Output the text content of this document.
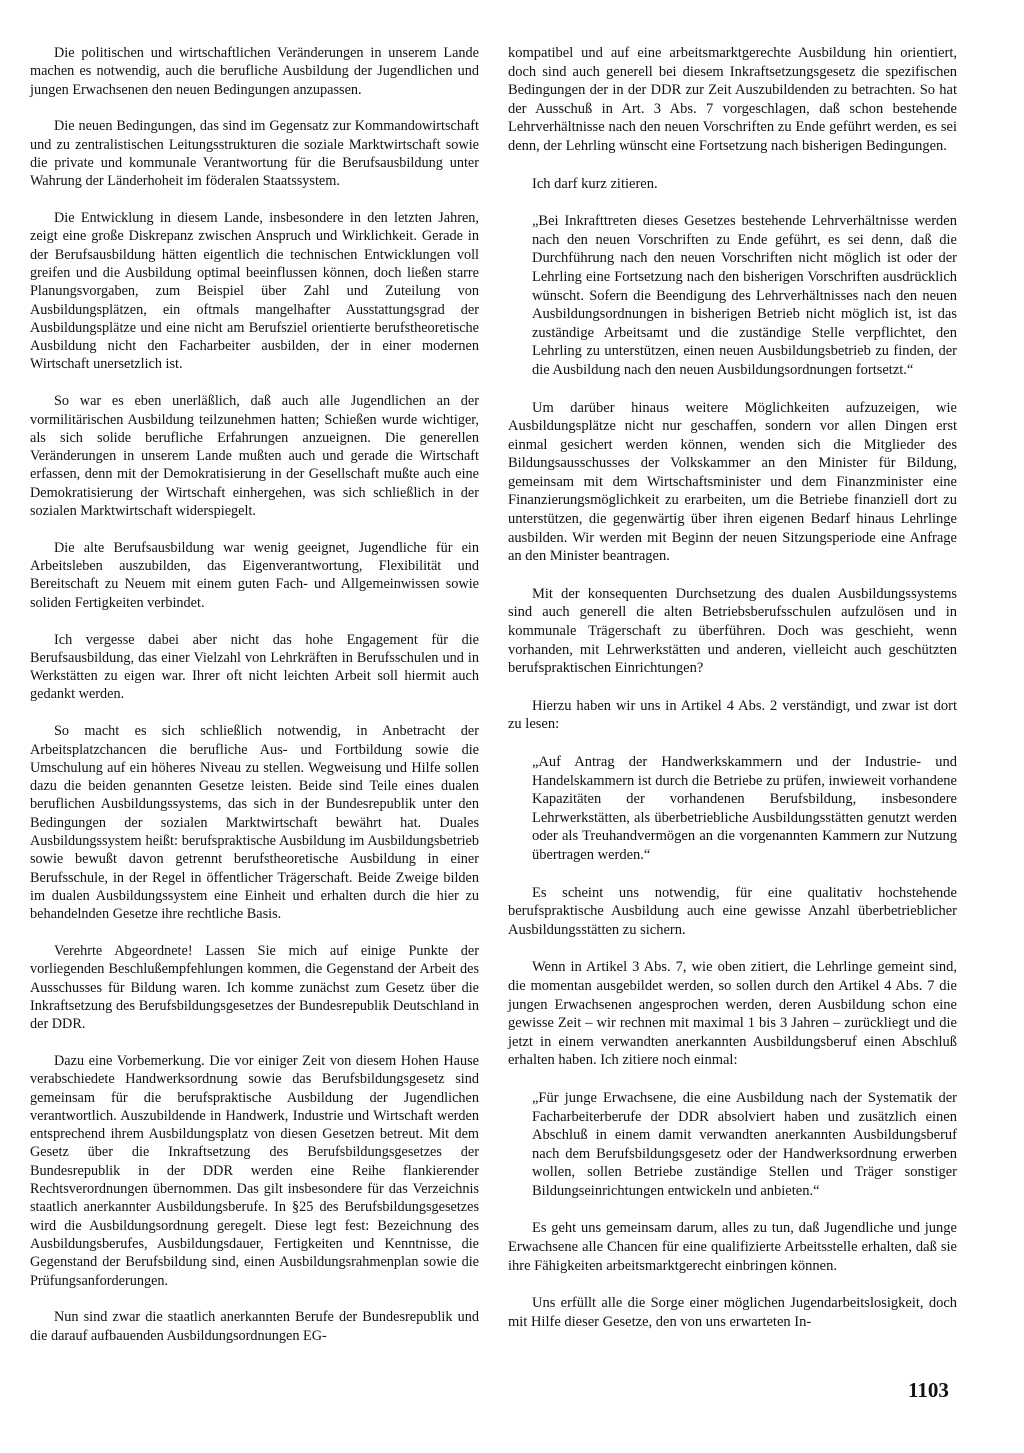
Die politischen und wirtschaftlichen Veränderungen in unserem Lande machen es notwendig, auch die berufliche Ausbildung der Jugendlichen und jungen Erwachsenen den neuen Bedingungen anzupassen.

Die neuen Bedingungen, das sind im Gegensatz zur Kommandowirtschaft und zu zentralistischen Leitungsstrukturen die soziale Marktwirtschaft sowie die private und kommunale Verantwortung für die Berufsausbildung unter Wahrung der Länderhoheit im föderalen Staatssystem.

Die Entwicklung in diesem Lande, insbesondere in den letzten Jahren, zeigt eine große Diskrepanz zwischen Anspruch und Wirklichkeit. Gerade in der Berufsausbildung hätten eigentlich die technischen Entwicklungen voll greifen und die Ausbildung optimal beeinflussen können, doch ließen starre Planungsvorgaben, zum Beispiel über Zahl und Zuteilung von Ausbildungsplätzen, ein oftmals mangelhafter Ausstattungsgrad der Ausbildungsplätze und eine nicht am Berufsziel orientierte berufstheoretische Ausbildung nicht den Facharbeiter ausbilden, der in einer modernen Wirtschaft unersetzlich ist.

So war es eben unerläßlich, daß auch alle Jugendlichen an der vormilitärischen Ausbildung teilzunehmen hatten; Schießen wurde wichtiger, als sich solide berufliche Erfahrungen anzueignen. Die generellen Veränderungen in unserem Lande mußten auch und gerade die Wirtschaft erfassen, denn mit der Demokratisierung in der Gesellschaft mußte auch eine Demokratisierung der Wirtschaft einhergehen, was sich schließlich in der sozialen Marktwirtschaft widerspiegelt.

Die alte Berufsausbildung war wenig geeignet, Jugendliche für ein Arbeitsleben auszubilden, das Eigenverantwortung, Flexibilität und Bereitschaft zu Neuem mit einem guten Fach- und Allgemeinwissen sowie soliden Fertigkeiten verbindet.

Ich vergesse dabei aber nicht das hohe Engagement für die Berufsausbildung, das einer Vielzahl von Lehrkräften in Berufsschulen und in Werkstätten zu eigen war. Ihrer oft nicht leichten Arbeit soll hiermit auch gedankt werden.

So macht es sich schließlich notwendig, in Anbetracht der Arbeitsplatzchancen die berufliche Aus- und Fortbildung sowie die Umschulung auf ein höheres Niveau zu stellen. Wegweisung und Hilfe sollen dazu die beiden genannten Gesetze leisten. Beide sind Teile eines dualen beruflichen Ausbildungssystems, das sich in der Bundesrepublik unter den Bedingungen der sozialen Marktwirtschaft bewährt hat. Duales Ausbildungssystem heißt: berufspraktische Ausbildung im Ausbildungsbetrieb sowie bewußt davon getrennt berufstheoretische Ausbildung in einer Berufsschule, in der Regel in öffentlicher Trägerschaft. Beide Zweige bilden im dualen Ausbildungssystem eine Einheit und erhalten durch die hier zu behandelnden Gesetze ihre rechtliche Basis.

Verehrte Abgeordnete! Lassen Sie mich auf einige Punkte der vorliegenden Beschlußempfehlungen kommen, die Gegenstand der Arbeit des Ausschusses für Bildung waren. Ich komme zunächst zum Gesetz über die Inkraftsetzung des Berufsbildungsgesetzes der Bundesrepublik Deutschland in der DDR.

Dazu eine Vorbemerkung. Die vor einiger Zeit von diesem Hohen Hause verabschiedete Handwerksordnung sowie das Berufsbildungsgesetz sind gemeinsam für die berufspraktische Ausbildung der Jugendlichen verantwortlich. Auszubildende in Handwerk, Industrie und Wirtschaft werden entsprechend ihrem Ausbildungsplatz von diesen Gesetzen betreut. Mit dem Gesetz über die Inkraftsetzung des Berufsbildungsgesetzes der Bundesrepublik in der DDR werden eine Reihe flankierender Rechtsverordnungen übernommen. Das gilt insbesondere für das Verzeichnis staatlich anerkannter Ausbildungsberufe. In §25 des Berufsbildungsgesetzes wird die Ausbildungsordnung geregelt. Diese legt fest: Bezeichnung des Ausbildungsberufes, Ausbildungsdauer, Fertigkeiten und Kenntnisse, die Gegenstand der Berufsbildung sind, einen Ausbildungsrahmenplan sowie die Prüfungsanforderungen.

Nun sind zwar die staatlich anerkannten Berufe der Bundesrepublik und die darauf aufbauenden Ausbildungsordnungen EG-

kompatibel und auf eine arbeitsmarktgerechte Ausbildung hin orientiert, doch sind auch generell bei diesem Inkraftsetzungsgesetz die spezifischen Bedingungen der in der DDR zur Zeit Auszubildenden zu betrachten. So hat der Ausschuß in Art. 3 Abs. 7 vorgeschlagen, daß schon bestehende Lehrverhältnisse nach den neuen Vorschriften zu Ende geführt werden, es sei denn, der Lehrling wünscht eine Fortsetzung nach bisherigen Bedingungen.

Ich darf kurz zitieren.

„Bei Inkrafttreten dieses Gesetzes bestehende Lehrverhältnisse werden nach den neuen Vorschriften zu Ende geführt, es sei denn, daß die Durchführung nach den neuen Vorschriften nicht möglich ist oder der Lehrling eine Fortsetzung nach den bisherigen Vorschriften ausdrücklich wünscht. Sofern die Beendigung des Lehrverhältnisses nach den neuen Ausbildungsordnungen in bisherigen Betrieb nicht möglich ist, ist das zuständige Arbeitsamt und die zuständige Stelle verpflichtet, den Lehrling zu unterstützen, einen neuen Ausbildungsbetrieb zu finden, der die Ausbildung nach den neuen Ausbildungsordnungen fortsetzt.“

Um darüber hinaus weitere Möglichkeiten aufzuzeigen, wie Ausbildungsplätze nicht nur geschaffen, sondern vor allen Dingen erst einmal gesichert werden können, wenden sich die Mitglieder des Bildungsausschusses der Volkskammer an den Minister für Bildung, gemeinsam mit dem Wirtschaftsminister und dem Finanzminister eine Finanzierungsmöglichkeit zu erarbeiten, um die Betriebe finanziell dort zu unterstützen, die gegenwärtig über ihren eigenen Bedarf hinaus Lehrlinge ausbilden. Wir werden mit Beginn der neuen Sitzungsperiode eine Anfrage an den Minister beantragen.

Mit der konsequenten Durchsetzung des dualen Ausbildungssystems sind auch generell die alten Betriebsberufsschulen aufzulösen und in kommunale Trägerschaft zu überführen. Doch was geschieht, wenn vorhanden, mit Lehrwerkstätten und anderen, vielleicht auch geschützten berufspraktischen Einrichtungen?

Hierzu haben wir uns in Artikel 4 Abs. 2 verständigt, und zwar ist dort zu lesen:

„Auf Antrag der Handwerkskammern und der Industrie- und Handelskammern ist durch die Betriebe zu prüfen, inwieweit vorhandene Kapazitäten der vorhandenen Berufsbildung, insbesondere Lehrwerkstätten, als überbetriebliche Ausbildungsstätten genutzt werden oder als Treuhandvermögen an die vorgenannten Kammern zur Nutzung übertragen werden.“

Es scheint uns notwendig, für eine qualitativ hochstehende berufspraktische Ausbildung auch eine gewisse Anzahl überbetrieblicher Ausbildungsstätten zu sichern.

Wenn in Artikel 3 Abs. 7, wie oben zitiert, die Lehrlinge gemeint sind, die momentan ausgebildet werden, so sollen durch den Artikel 4 Abs. 7 die jungen Erwachsenen angesprochen werden, deren Ausbildung schon eine gewisse Zeit – wir rechnen mit maximal 1 bis 3 Jahren – zurückliegt und die jetzt in einem verwandten anerkannten Ausbildungsberuf einen Abschluß erhalten haben. Ich zitiere noch einmal:

„Für junge Erwachsene, die eine Ausbildung nach der Systematik der Facharbeiterberufe der DDR absolviert haben und zusätzlich einen Abschluß in einem damit verwandten anerkannten Ausbildungsberuf nach dem Berufsbildungsgesetz oder der Handwerksordnung erwerben wollen, sollen Betriebe zuständige Stellen und Träger sonstiger Bildungseinrichtungen entwickeln und anbieten.“

Es geht uns gemeinsam darum, alles zu tun, daß Jugendliche und junge Erwachsene alle Chancen für eine qualifizierte Arbeitsstelle erhalten, daß sie ihre Fähigkeiten arbeitsmarktgerecht einbringen können.

Uns erfüllt alle die Sorge einer möglichen Jugendarbeitslosigkeit, doch mit Hilfe dieser Gesetze, den von uns erwarteten In-

1103
